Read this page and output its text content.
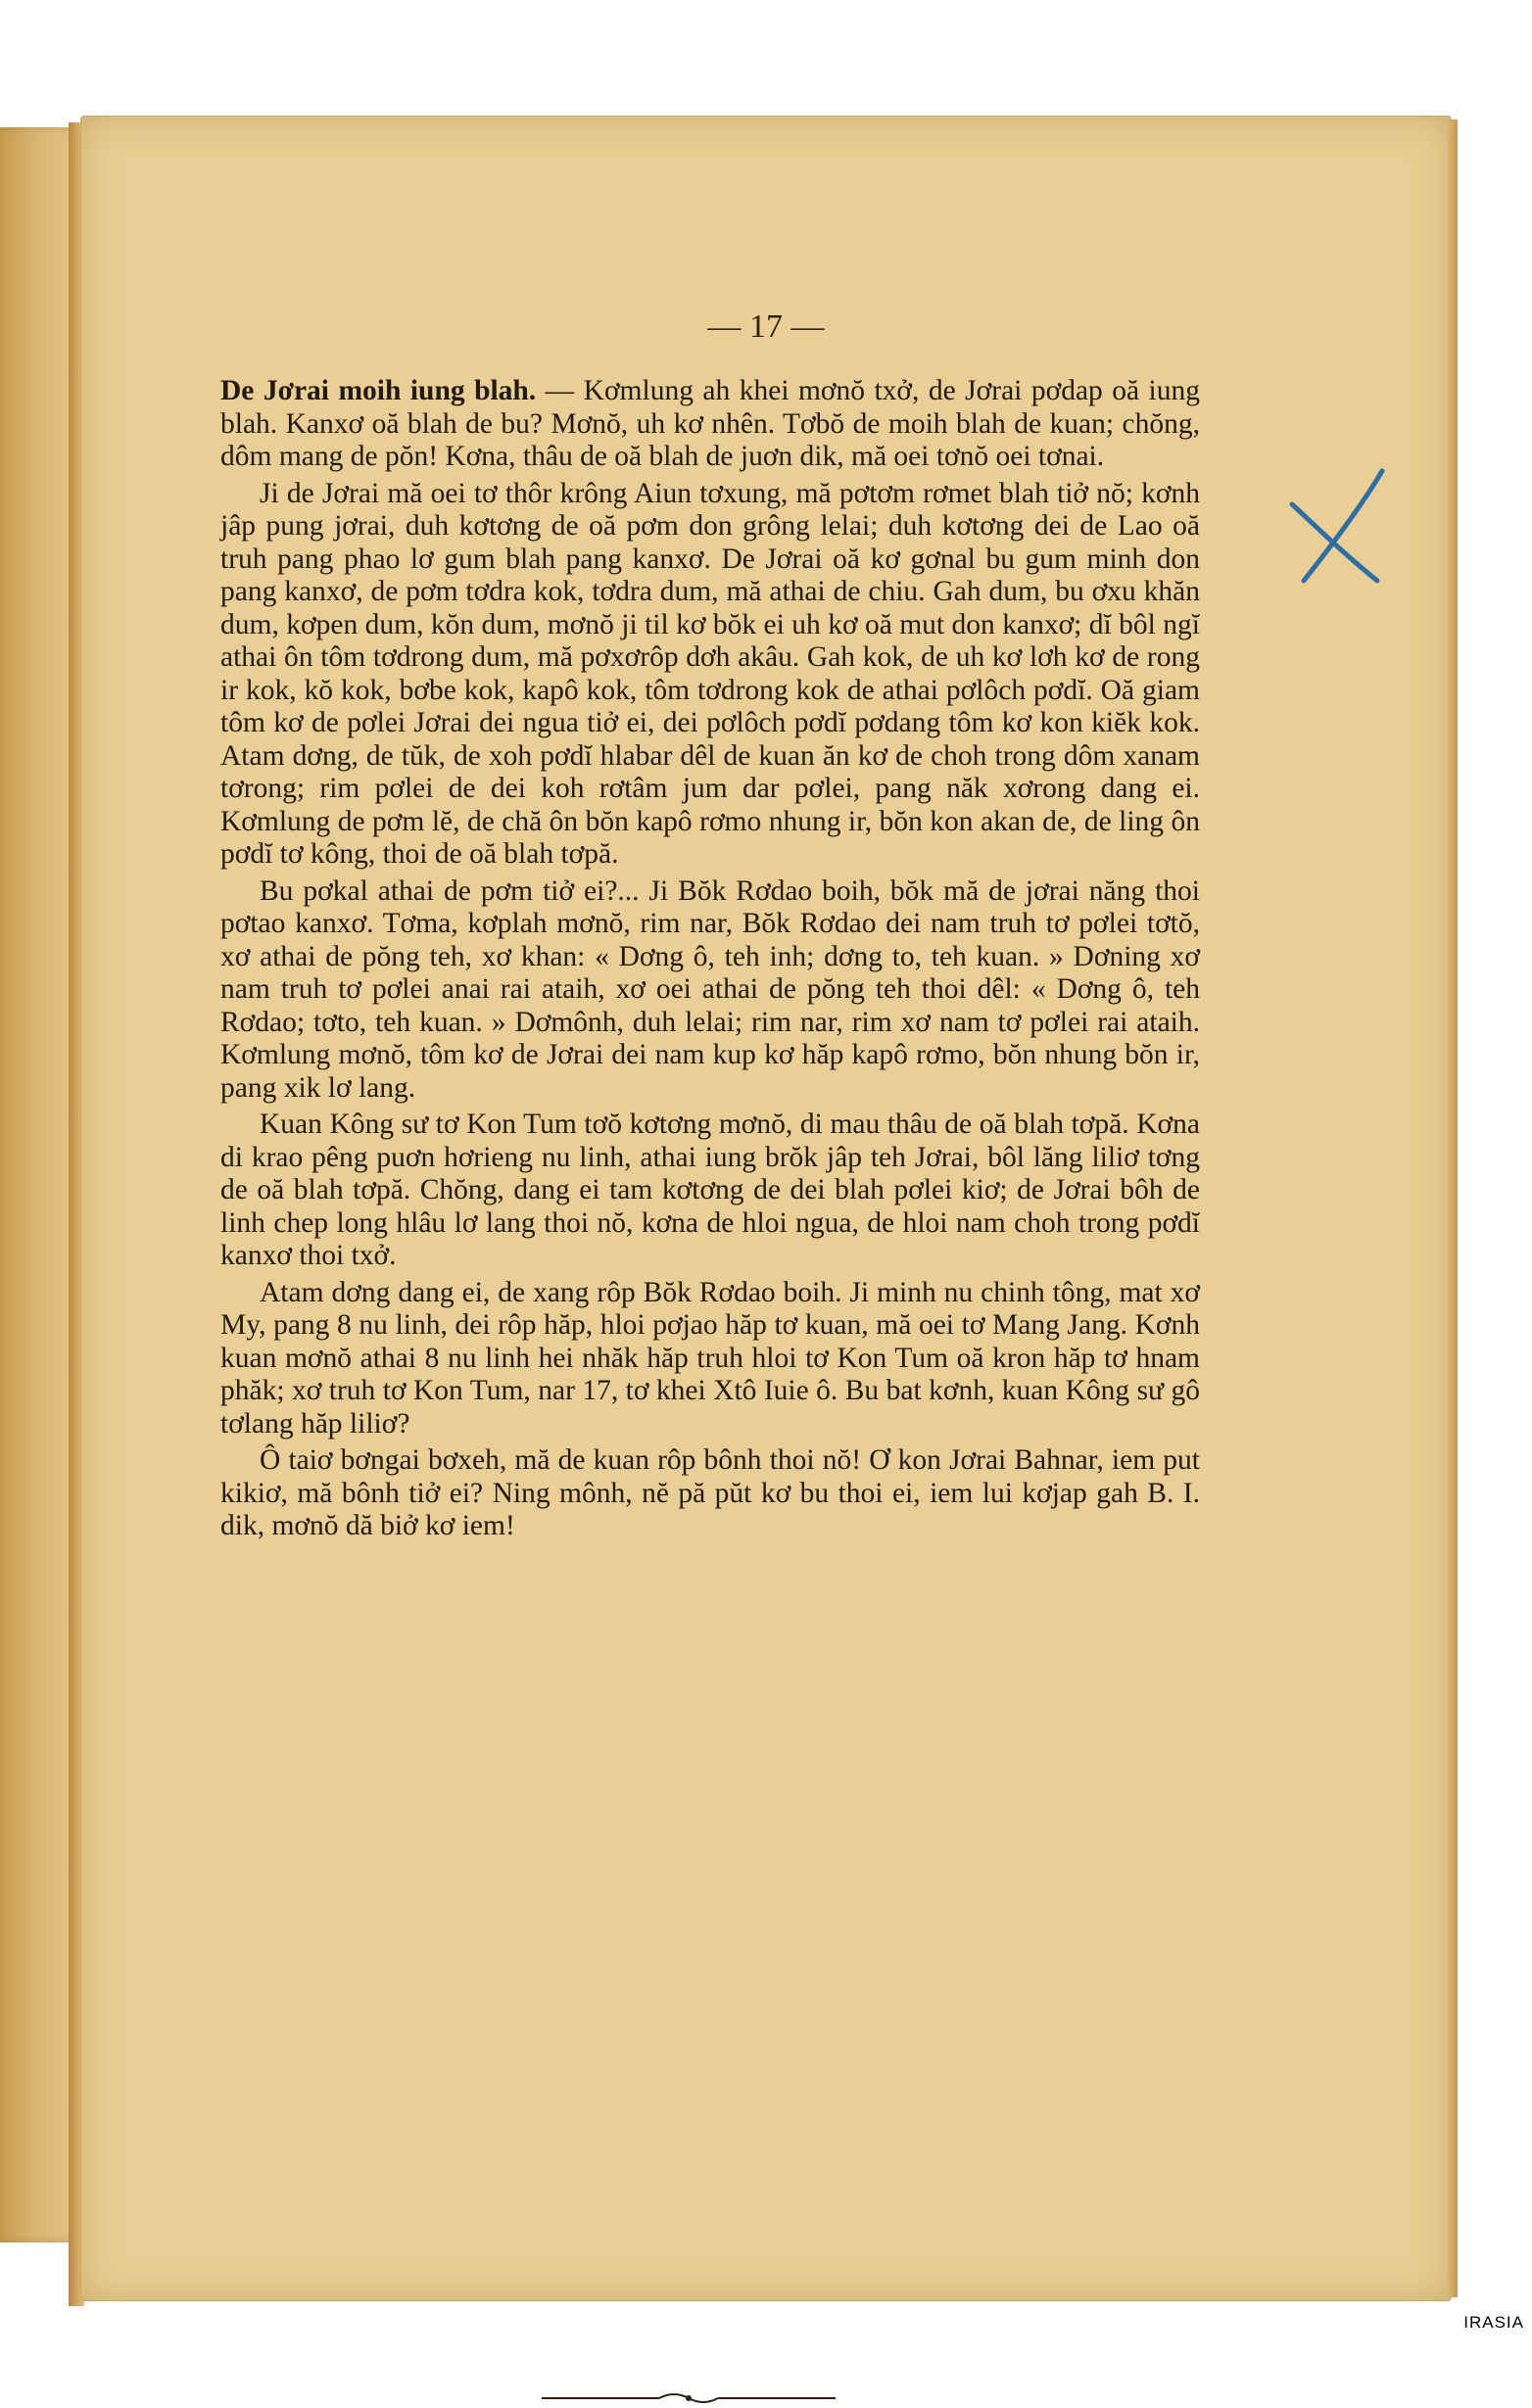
— 17 —

De Jơrai moih iung blah. — Kơmlung ah khei mơnŏ txở, de Jơrai pơdap oă iung blah. Kanxơ oă blah de bu? Mơnŏ, uh kơ nhên. Tơbŏ de moih blah de kuan; chŏng, dôm mang de pŏn! Kơna, thâu de oă blah de juơn dik, mă oei tơnŏ oei tơnai.

Ji de Jơrai mă oei tơ thôr krông Aiun tơxung, mă pơtơm rơmet blah tiở nŏ; kơnh jâp pung jơrai, duh kơtơng de oă pơm don grông lelai; duh kơtơng dei de Lao oă truh pang phao lơ gum blah pang kanxơ. De Jơrai oă kơ gơnal bu gum minh don pang kanxơ, de pơm tơdra kok, tơdra dum, mă athai de chiu. Gah dum, bu ơxu khăn dum, kơpen dum, kŏn dum, mơnŏ ji til kơ bŏk ei uh kơ oă mut don kanxơ; dĭ bôl ngĭ athai ôn tôm tơdrong dum, mă pơxơrôp dơh akâu. Gah kok, de uh kơ lơh kơ de rong ir kok, kŏ kok, bơbe kok, kapô kok, tôm tơdrong kok de athai pơlôch pơdĭ. Oă giam tôm kơ de pơlei Jơrai dei ngua tiở ei, dei pơlôch pơdĭ pơdang tôm kơ kon kiĕk kok. Atam dơng, de tŭk, de xoh pơdĭ hlabar dêl de kuan ăn kơ de choh trong dôm xanam tơrong; rim pơlei de dei koh rơtâm jum dar pơlei, pang năk xơrong dang ei. Kơmlung de pơm lĕ, de chă ôn bŏn kapô rơmo nhung ir, bŏn kon akan de, de ling ôn pơdĭ tơ kông, thoi de oă blah tơpă.

Bu pơkal athai de pơm tiở ei?... Ji Bŏk Rơdao boih, bŏk mă de jơrai năng thoi pơtao kanxơ. Tơma, kơplah mơnŏ, rim nar, Bŏk Rơdao dei nam truh tơ pơlei tơtŏ, xơ athai de pŏng teh, xơ khan: « Dơng ô, teh inh; dơng to, teh kuan. » Dơning xơ nam truh tơ pơlei anai rai ataih, xơ oei athai de pŏng teh thoi dêl: « Dơng ô, teh Rơdao; tơto, teh kuan. » Dơmônh, duh lelai; rim nar, rim xơ nam tơ pơlei rai ataih. Kơmlung mơnŏ, tôm kơ de Jơrai dei nam kup kơ hăp kapô rơmo, bŏn nhung bŏn ir, pang xik lơ lang.

Kuan Kông sư tơ Kon Tum tơŏ kơtơng mơnŏ, di mau thâu de oă blah tơpă. Kơna di krao pêng puơn hơrieng nu linh, athai iung brŏk jâp teh Jơrai, bôl lăng liliơ tơng de oă blah tơpă. Chŏng, dang ei tam kơtơng de dei blah pơlei kiơ; de Jơrai bôh de linh chep long hlâu lơ lang thoi nŏ, kơna de hloi ngua, de hloi nam choh trong pơdĭ kanxơ thoi txở.

Atam dơng dang ei, de xang rôp Bŏk Rơdao boih. Ji minh nu chinh tông, mat xơ My, pang 8 nu linh, dei rôp hăp, hloi pơjao hăp tơ kuan, mă oei tơ Mang Jang. Kơnh kuan mơnŏ athai 8 nu linh hei nhăk hăp truh hloi tơ Kon Tum oă kron hăp tơ hnam phăk; xơ truh tơ Kon Tum, nar 17, tơ khei Xtô Iuie ô. Bu bat kơnh, kuan Kông sư gô tơlang hăp liliơ?

Ô taiơ bơngai bơxeh, mă de kuan rôp bônh thoi nŏ! Ơ kon Jơrai Bahnar, iem put kikiơ, mă bônh tiở ei? Ning mônh, nĕ pă pŭt kơ bu thoi ei, iem lui kơjap gah B. I. dik, mơnŏ dă biở kơ iem!

IRASIA
